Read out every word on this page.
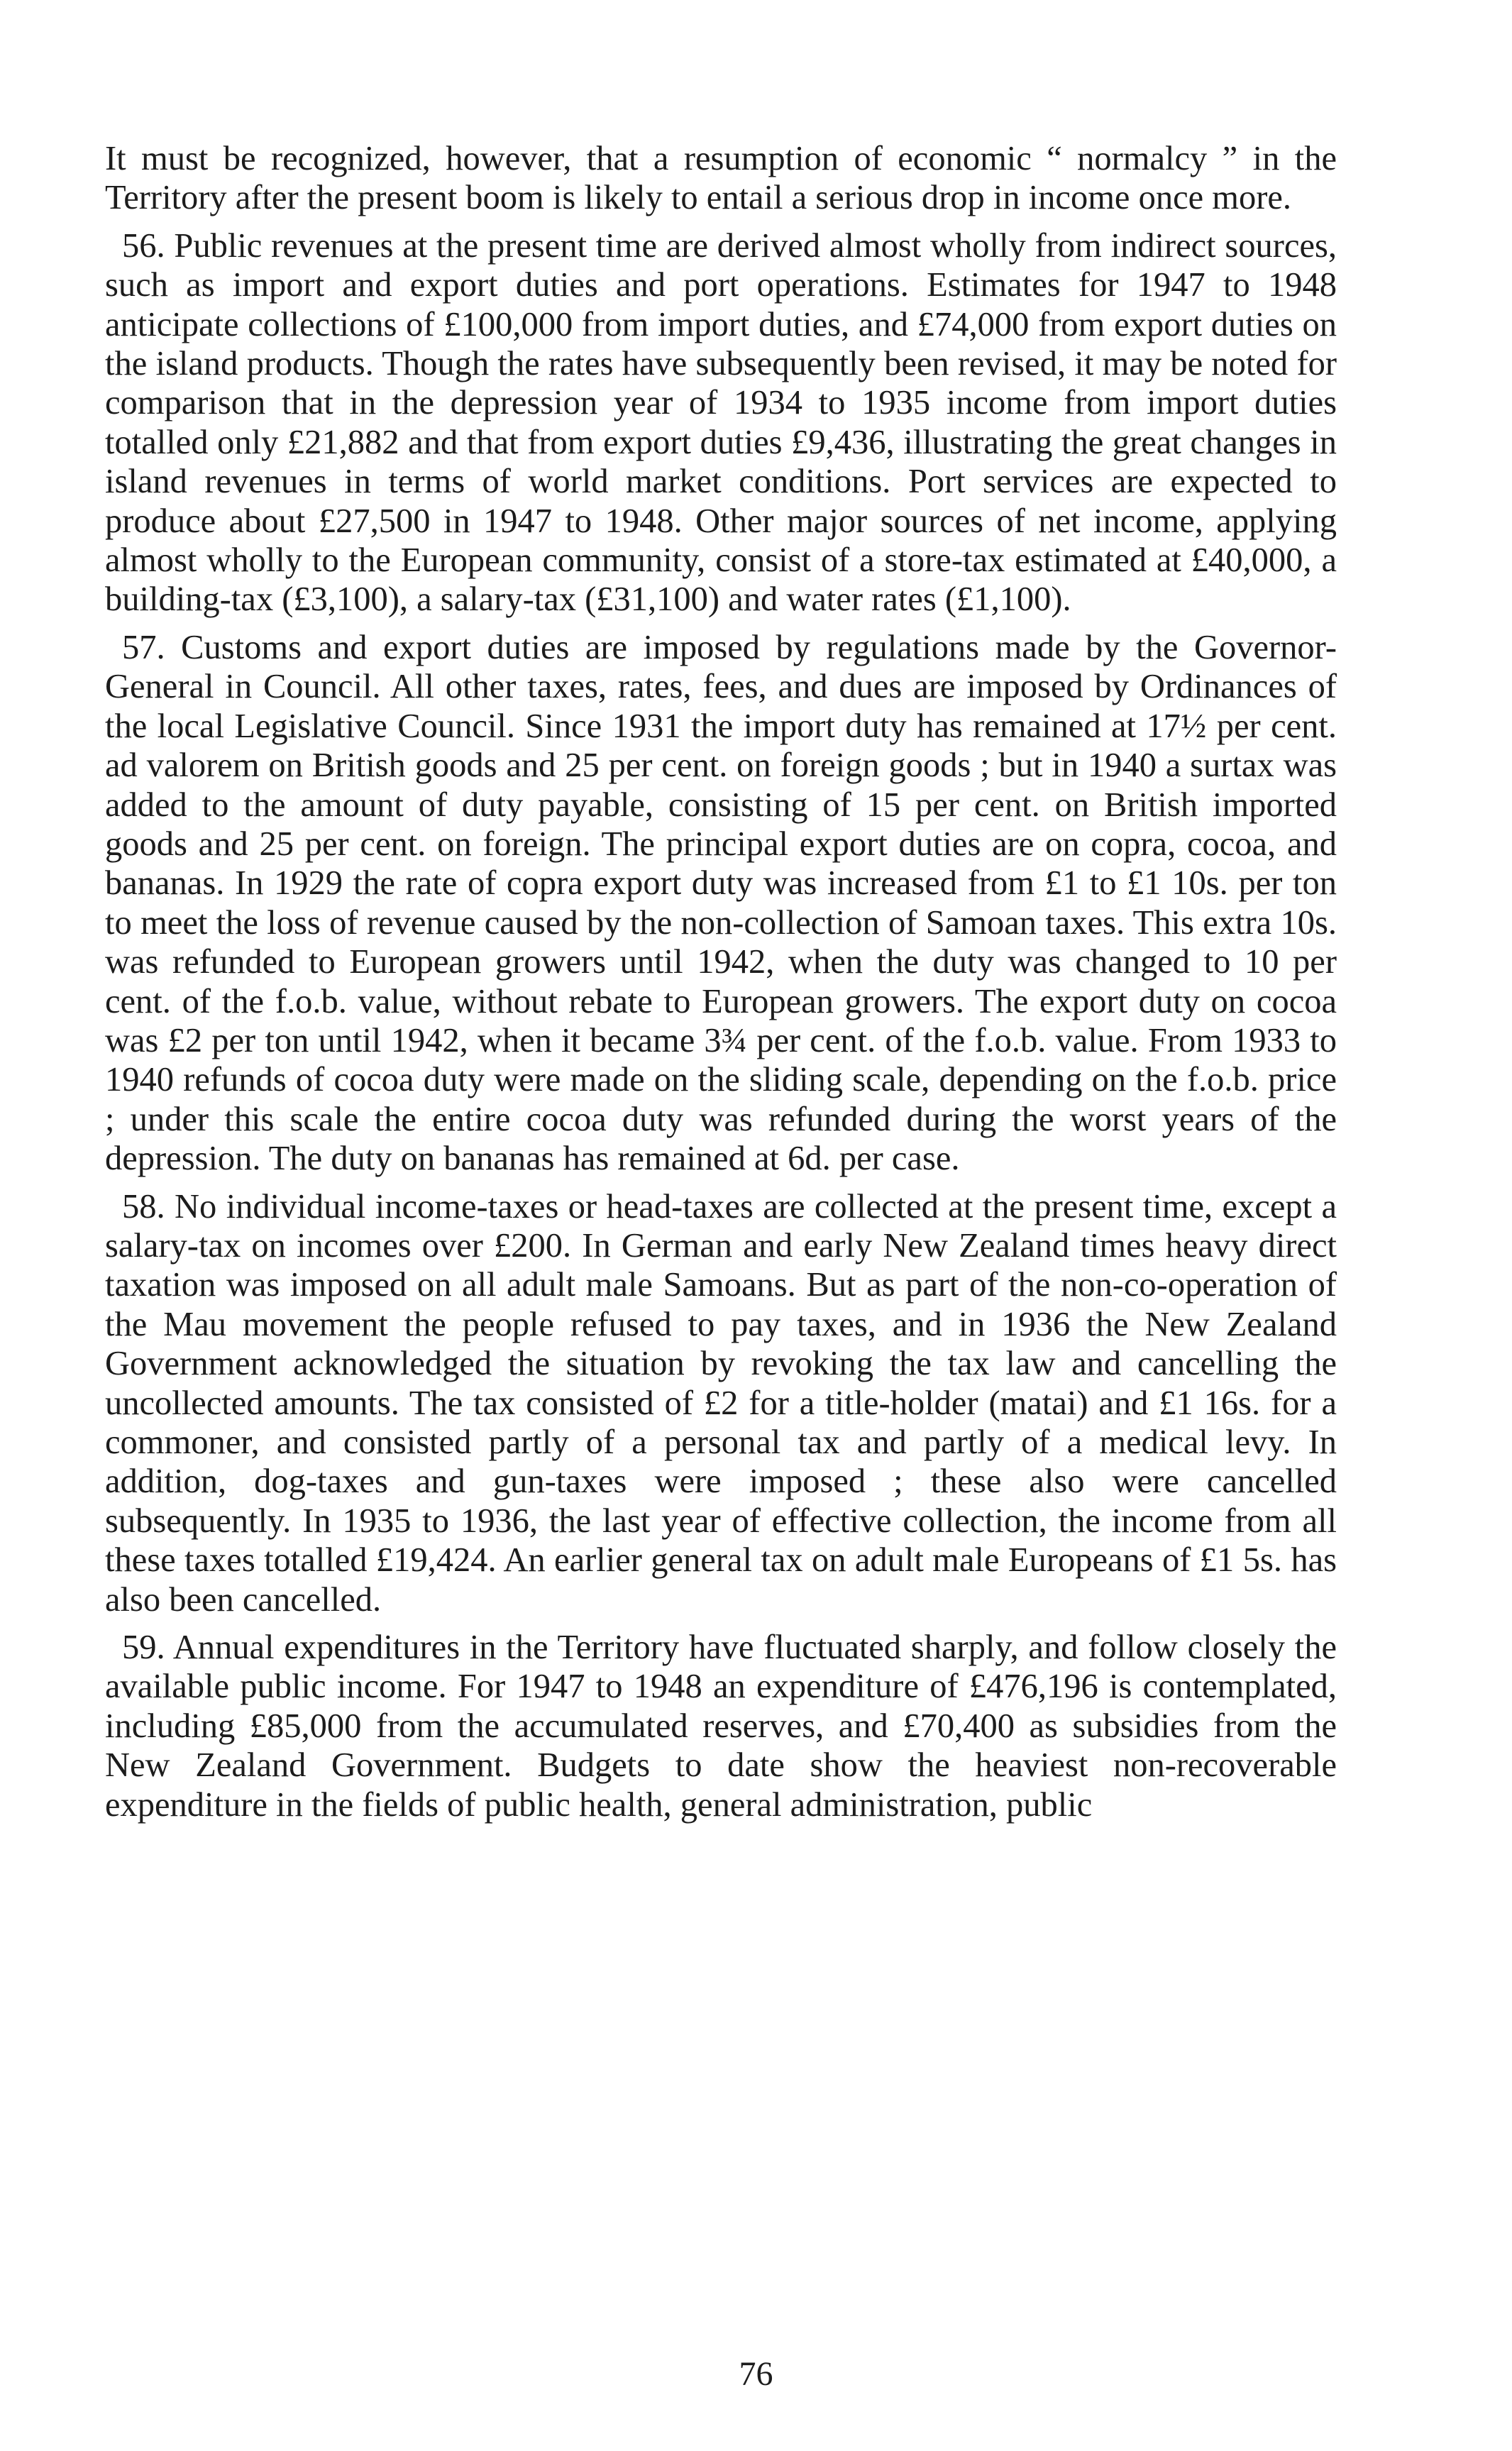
It must be recognized, however, that a resumption of economic “ normalcy ” in the Territory after the present boom is likely to entail a serious drop in income once more.

56. Public revenues at the present time are derived almost wholly from indirect sources, such as import and export duties and port operations. Estimates for 1947 to 1948 anticipate collections of £100,000 from import duties, and £74,000 from export duties on the island products. Though the rates have subsequently been revised, it may be noted for comparison that in the depression year of 1934 to 1935 income from import duties totalled only £21,882 and that from export duties £9,436, illustrating the great changes in island revenues in terms of world market conditions. Port services are expected to produce about £27,500 in 1947 to 1948. Other major sources of net income, applying almost wholly to the European community, consist of a store-tax estimated at £40,000, a building-tax (£3,100), a salary-tax (£31,100) and water rates (£1,100).

57. Customs and export duties are imposed by regulations made by the Governor-General in Council. All other taxes, rates, fees, and dues are imposed by Ordinances of the local Legislative Council. Since 1931 the import duty has remained at 17½ per cent. ad valorem on British goods and 25 per cent. on foreign goods ; but in 1940 a surtax was added to the amount of duty payable, consisting of 15 per cent. on British imported goods and 25 per cent. on foreign. The principal export duties are on copra, cocoa, and bananas. In 1929 the rate of copra export duty was increased from £1 to £1 10s. per ton to meet the loss of revenue caused by the non-collection of Samoan taxes. This extra 10s. was refunded to European growers until 1942, when the duty was changed to 10 per cent. of the f.o.b. value, without rebate to European growers. The export duty on cocoa was £2 per ton until 1942, when it became 3¾ per cent. of the f.o.b. value. From 1933 to 1940 refunds of cocoa duty were made on the sliding scale, depending on the f.o.b. price ; under this scale the entire cocoa duty was refunded during the worst years of the depression. The duty on bananas has remained at 6d. per case.

58. No individual income-taxes or head-taxes are collected at the present time, except a salary-tax on incomes over £200. In German and early New Zealand times heavy direct taxation was imposed on all adult male Samoans. But as part of the non-co-operation of the Mau movement the people refused to pay taxes, and in 1936 the New Zealand Government acknowledged the situation by revoking the tax law and cancelling the uncollected amounts. The tax consisted of £2 for a title-holder (matai) and £1 16s. for a commoner, and consisted partly of a personal tax and partly of a medical levy. In addition, dog-taxes and gun-taxes were imposed ; these also were cancelled subsequently. In 1935 to 1936, the last year of effective collection, the income from all these taxes totalled £19,424. An earlier general tax on adult male Europeans of £1 5s. has also been cancelled.

59. Annual expenditures in the Territory have fluctuated sharply, and follow closely the available public income. For 1947 to 1948 an expenditure of £476,196 is contemplated, including £85,000 from the accumulated reserves, and £70,400 as subsidies from the New Zealand Government. Budgets to date show the heaviest non-recoverable expenditure in the fields of public health, general administration, public

76
